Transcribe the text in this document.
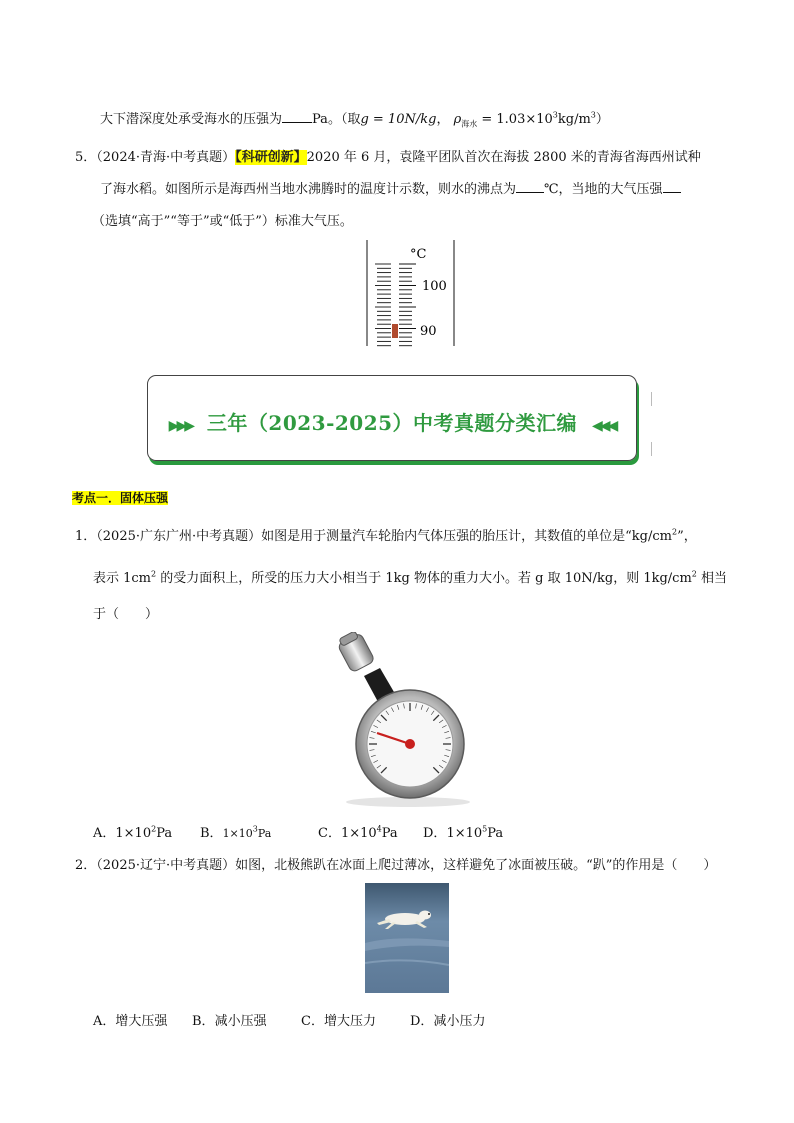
大下潜深度处承受海水的压强为 Pa。（取g = 10N/kg， $\rho_{海水} = 1.03\times 10^3kg/m^3$）
5．（2024·青海·中考真题）【科研创新】2020 年 6 月，袁隆平团队首次在海拔 2800 米的青海省海西州试种
了海水稻。如图所示是海西州当地水沸腾时的温度计示数，则水的沸点为 ℃，当地的大气压强
（选填“高于”“等于”或“低于”）标准大气压。
°C
100
90
▶▶▶ 三年（2023-2025）中考真题分类汇编 ◀◀◀
考点一．固体压强
1．（2025·广东广州·中考真题）如图是用于测量汽车轮胎内气体压强的胎压计，其数值的单位是“$kg/cm^2$”，
表示 $1cm^2$ 的受力面积上，所受的压力大小相当于 1kg 物体的重力大小。若 g 取 10N/kg，则 $1kg/cm^2$ 相当
于（　　）
A．$1\times 10^2Pa$ B．$1\times 10^3Pa$	C．$1\times 10^4Pa$ D．$1\times 10^5Pa$
2．（2025·辽宁·中考真题）如图，北极熊趴在冰面上爬过薄冰，这样避免了冰面被压破。“趴”的作用是（　　）
A．增大压强 B．减小压强	C．增大压力	D．减小压力
